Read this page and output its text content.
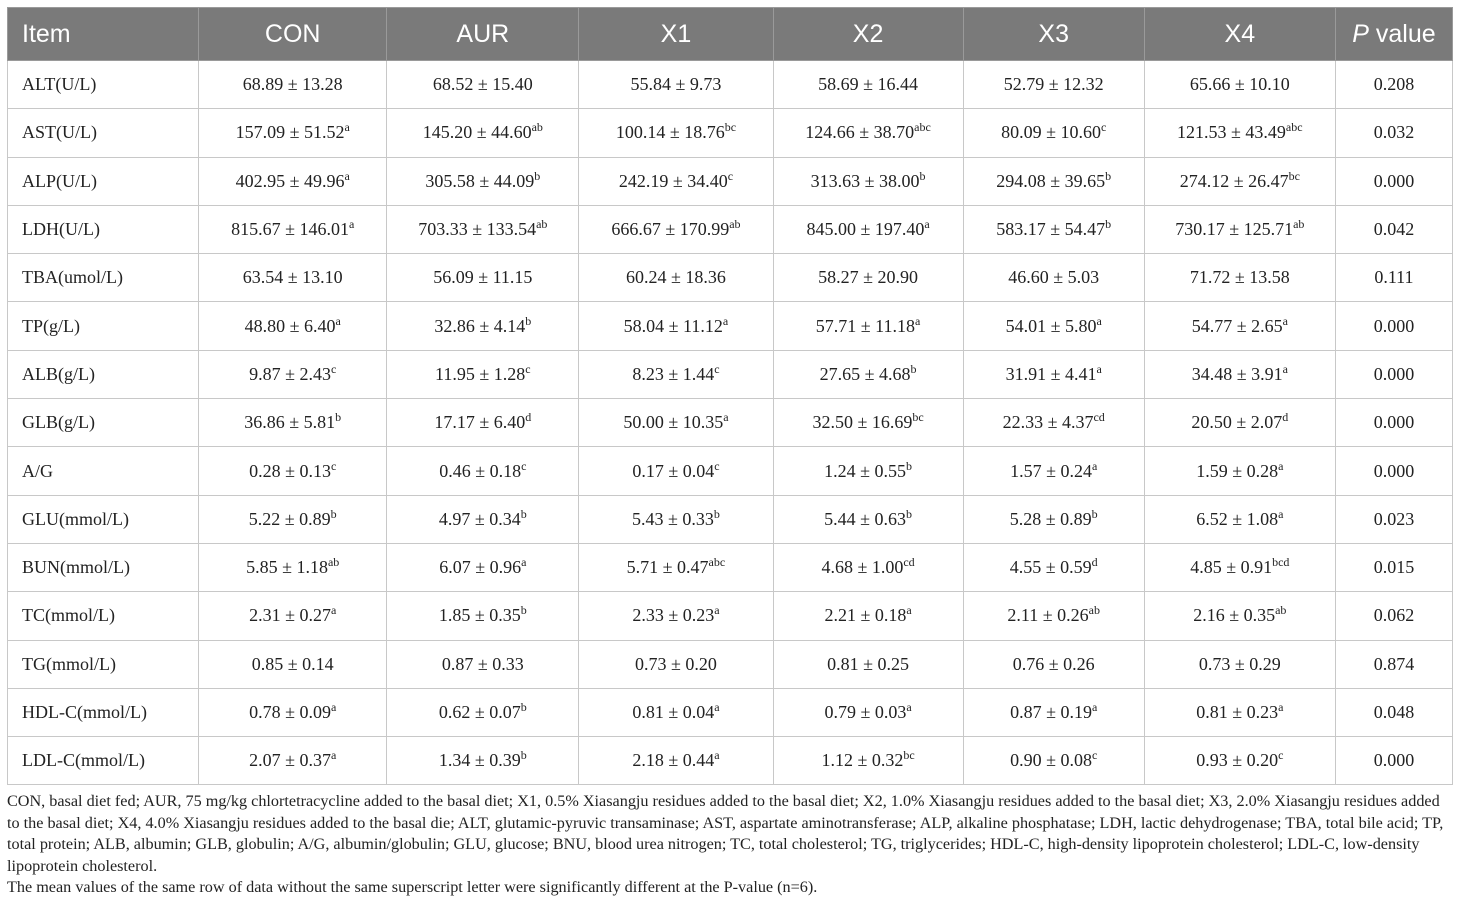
Item	CON	AUR	X1	X2	X3	X4	P value
ALT(U/L)	68.89 ± 13.28	68.52 ± 15.40	55.84 ± 9.73	58.69 ± 16.44	52.79 ± 12.32	65.66 ± 10.10	0.208
AST(U/L)	157.09 ± 51.52$^a$	145.20 ± 44.60$^{ab}$	100.14 ± 18.76$^{bc}$	124.66 ± 38.70$^{abc}$	80.09 ± 10.60$^c$	121.53 ± 43.49$^{abc}$	0.032
ALP(U/L)	402.95 ± 49.96$^a$	305.58 ± 44.09$^b$	242.19 ± 34.40$^c$	313.63 ± 38.00$^b$	294.08 ± 39.65$^b$	274.12 ± 26.47$^{bc}$	0.000
LDH(U/L)	815.67 ± 146.01$^a$	703.33 ± 133.54$^{ab}$	666.67 ± 170.99$^{ab}$	845.00 ± 197.40$^a$	583.17 ± 54.47$^b$	730.17 ± 125.71$^{ab}$	0.042
TBA(umol/L)	63.54 ± 13.10	56.09 ± 11.15	60.24 ± 18.36	58.27 ± 20.90	46.60 ± 5.03	71.72 ± 13.58	0.111
TP(g/L)	48.80 ± 6.40$^a$	32.86 ± 4.14$^b$	58.04 ± 11.12$^a$	57.71 ± 11.18$^a$	54.01 ± 5.80$^a$	54.77 ± 2.65$^a$	0.000
ALB(g/L)	9.87 ± 2.43$^c$	11.95 ± 1.28$^c$	8.23 ± 1.44$^c$	27.65 ± 4.68$^b$	31.91 ± 4.41$^a$	34.48 ± 3.91$^a$	0.000
GLB(g/L)	36.86 ± 5.81$^b$	17.17 ± 6.40$^d$	50.00 ± 10.35$^a$	32.50 ± 16.69$^{bc}$	22.33 ± 4.37$^{cd}$	20.50 ± 2.07$^d$	0.000
A/G	0.28 ± 0.13$^c$	0.46 ± 0.18$^c$	0.17 ± 0.04$^c$	1.24 ± 0.55$^b$	1.57 ± 0.24$^a$	1.59 ± 0.28$^a$	0.000
GLU(mmol/L)	5.22 ± 0.89$^b$	4.97 ± 0.34$^b$	5.43 ± 0.33$^b$	5.44 ± 0.63$^b$	5.28 ± 0.89$^b$	6.52 ± 1.08$^a$	0.023
BUN(mmol/L)	5.85 ± 1.18$^{ab}$	6.07 ± 0.96$^a$	5.71 ± 0.47$^{abc}$	4.68 ± 1.00$^{cd}$	4.55 ± 0.59$^d$	4.85 ± 0.91$^{bcd}$	0.015
TC(mmol/L)	2.31 ± 0.27$^a$	1.85 ± 0.35$^b$	2.33 ± 0.23$^a$	2.21 ± 0.18$^a$	2.11 ± 0.26$^{ab}$	2.16 ± 0.35$^{ab}$	0.062
TG(mmol/L)	0.85 ± 0.14	0.87 ± 0.33	0.73 ± 0.20	0.81 ± 0.25	0.76 ± 0.26	0.73 ± 0.29	0.874
HDL-C(mmol/L)	0.78 ± 0.09$^a$	0.62 ± 0.07$^b$	0.81 ± 0.04$^a$	0.79 ± 0.03$^a$	0.87 ± 0.19$^a$	0.81 ± 0.23$^a$	0.048
LDL-C(mmol/L)	2.07 ± 0.37$^a$	1.34 ± 0.39$^b$	2.18 ± 0.44$^a$	1.12 ± 0.32$^{bc}$	0.90 ± 0.08$^c$	0.93 ± 0.20$^c$	0.000

CON, basal diet fed; AUR, 75 mg/kg chlortetracycline added to the basal diet; X1, 0.5% Xiasangju residues added to the basal diet; X2, 1.0% Xiasangju residues added to the basal diet; X3, 2.0% Xiasangju residues added to the basal diet; X4, 4.0% Xiasangju residues added to the basal die; ALT, glutamic-pyruvic transaminase; AST, aspartate aminotransferase; ALP, alkaline phosphatase; LDH, lactic dehydrogenase; TBA, total bile acid; TP, total protein; ALB, albumin; GLB, globulin; A/G, albumin/globulin; GLU, glucose; BNU, blood urea nitrogen; TC, total cholesterol; TG, triglycerides; HDL-C, high-density lipoprotein cholesterol; LDL-C, low-density lipoprotein cholesterol.

The mean values of the same row of data without the same superscript letter were significantly different at the P-value (n=6).
